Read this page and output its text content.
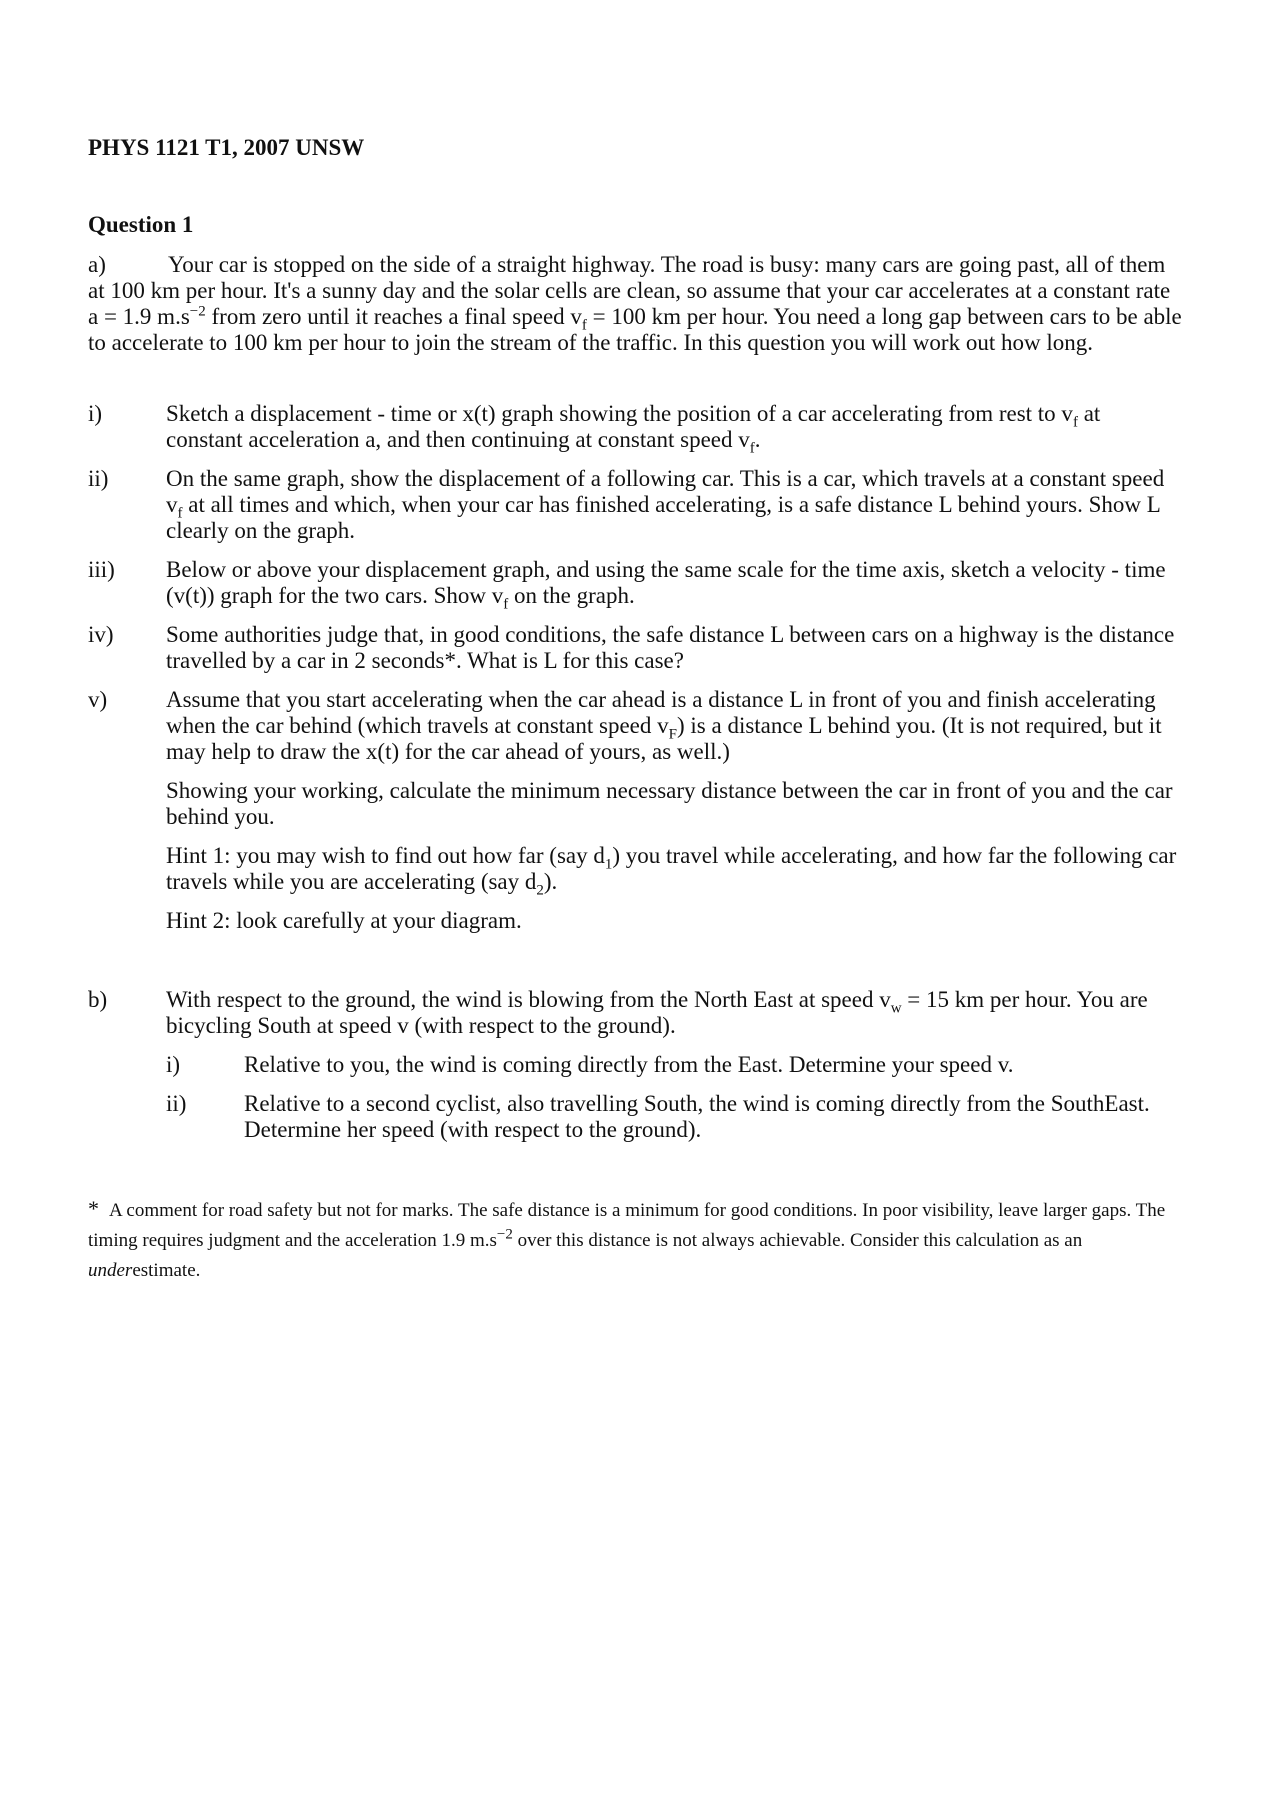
PHYS 1121 T1, 2007 UNSW
Question 1
a)	Your car is stopped on the side of a straight highway. The road is busy: many cars are going past, all of them at 100 km per hour. It's a sunny day and the solar cells are clean, so assume that your car accelerates at a constant rate a = 1.9 $m.s^{-2}$ from zero until it reaches a final speed $v_f = 100$ km per hour. You need a long gap between cars to be able to accelerate to 100 km per hour to join the stream of the traffic. In this question you will work out how long.
i)	Sketch a displacement - time or x(t) graph showing the position of a car accelerating from rest to $v_f$ at constant acceleration a, and then continuing at constant speed $v_f$.
ii)	On the same graph, show the displacement of a following car. This is a car, which travels at a constant speed $v_f$ at all times and which, when your car has finished accelerating, is a safe distance L behind yours. Show L clearly on the graph.
iii)	Below or above your displacement graph, and using the same scale for the time axis, sketch a velocity - time (v(t)) graph for the two cars. Show $v_f$ on the graph.
iv)	Some authorities judge that, in good conditions, the safe distance L between cars on a highway is the distance travelled by a car in 2 seconds*. What is L for this case?
v)	Assume that you start accelerating when the car ahead is a distance L in front of you and finish accelerating when the car behind (which travels at constant speed $v_F$) is a distance L behind you. (It is not required, but it may help to draw the x(t) for the car ahead of yours, as well.)
Showing your working, calculate the minimum necessary distance between the car in front of you and the car behind you.
Hint 1: you may wish to find out how far (say $d_1$) you travel while accelerating, and how far the following car travels while you are accelerating (say $d_2$).
Hint 2: look carefully at your diagram.
b)	With respect to the ground, the wind is blowing from the North East at speed $v_w = 15$ km per hour. You are bicycling South at speed v (with respect to the ground).
i)	Relative to you, the wind is coming directly from the East. Determine your speed v.
ii)	Relative to a second cyclist, also travelling South, the wind is coming directly from the SouthEast. Determine her speed (with respect to the ground).
* A comment for road safety but not for marks. The safe distance is a minimum for good conditions. In poor visibility, leave larger gaps. The timing requires judgment and the acceleration 1.9 $m.s^{-2}$ over this distance is not always achievable. Consider this calculation as an underestimate.
